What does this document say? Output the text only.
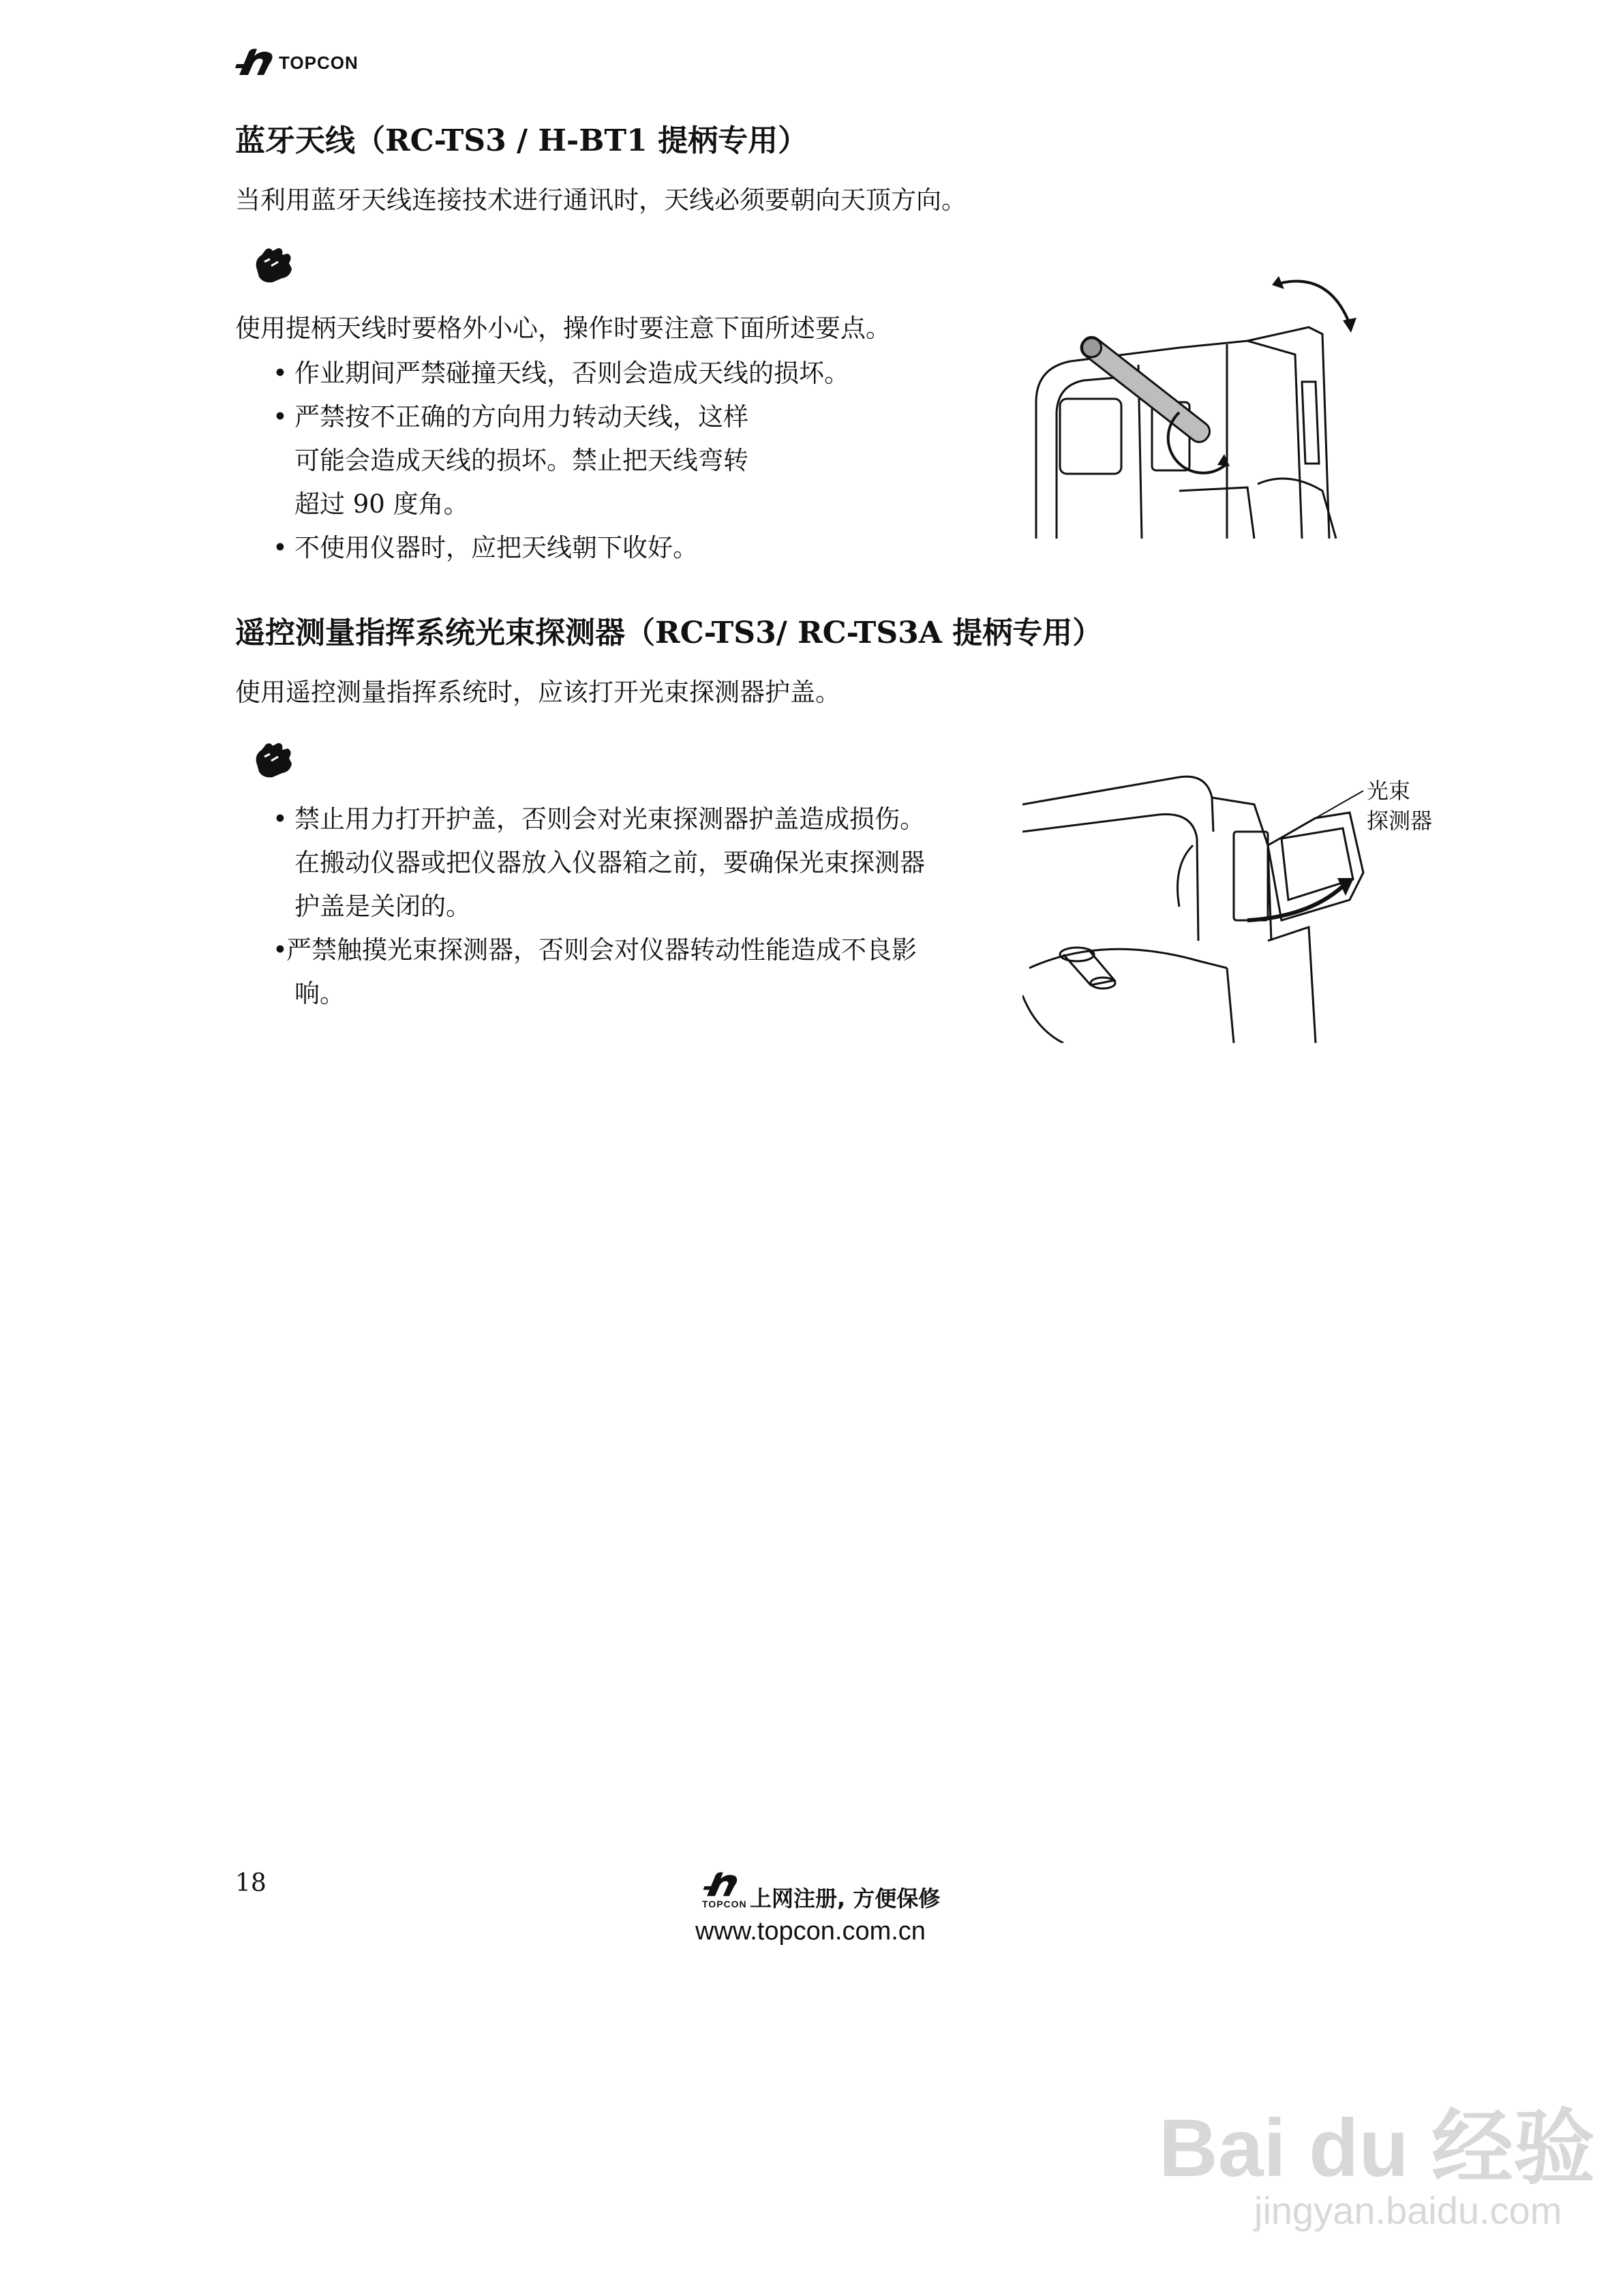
TOPCON
蓝牙天线（RC-TS3 / H-BT1 提柄专用）

当利用蓝牙天线连接技术进行通讯时，天线必须要朝向天顶方向。

使用提柄天线时要格外小心，操作时要注意下面所述要点。

• 作业期间严禁碰撞天线，否则会造成天线的损坏。
• 严禁按不正确的方向用力转动天线，这样
可能会造成天线的损坏。禁止把天线弯转
超过 90 度角。
• 不使用仪器时，应把天线朝下收好。
遥控测量指挥系统光束探测器（RC-TS3/ RC-TS3A 提柄专用）

使用遥控测量指挥系统时，应该打开光束探测器护盖。

• 禁止用力打开护盖，否则会对光束探测器护盖造成损伤。
在搬动仪器或把仪器放入仪器箱之前，要确保光束探测器
护盖是关闭的。
•
严禁触摸光束探测器，否则会对仪器转动性能造成不良影
响。
光束
探测器
18
TOPCON 上网注册, 方便保修
www.topcon.com.cn
Bai du 经验
jingyan.baidu.com
